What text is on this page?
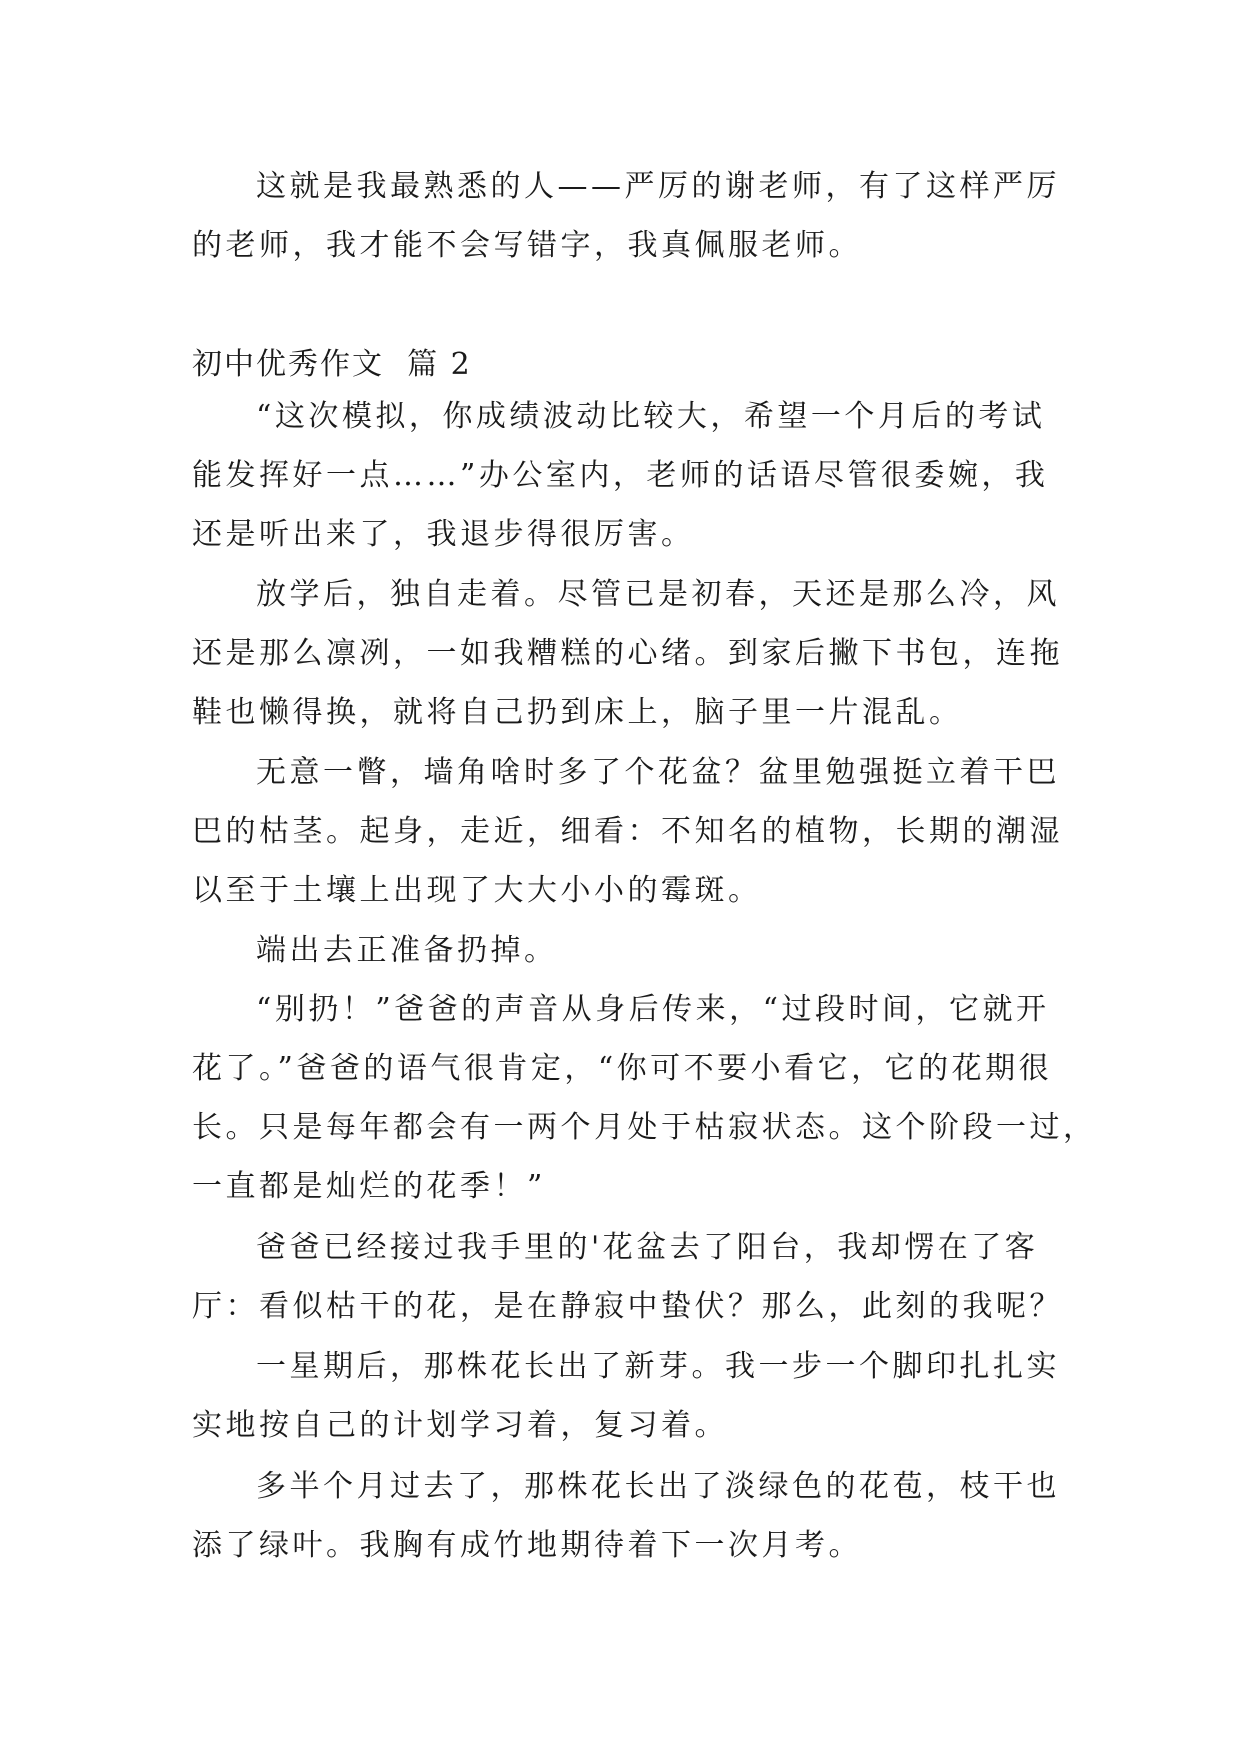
这就是我最熟悉的人——严厉的谢老师，有了这样严厉
的老师，我才能不会写错字，我真佩服老师。

初中优秀作文  篇 2

“这次模拟，你成绩波动比较大，希望一个月后的考试
能发挥好一点……”办公室内，老师的话语尽管很委婉，我
还是听出来了，我退步得很厉害。

放学后，独自走着。尽管已是初春，天还是那么冷，风
还是那么凛冽，一如我糟糕的心绪。到家后撇下书包，连拖
鞋也懒得换，就将自己扔到床上，脑子里一片混乱。

无意一瞥，墙角啥时多了个花盆？盆里勉强挺立着干巴
巴的枯茎。起身，走近，细看：不知名的植物，长期的潮湿
以至于土壤上出现了大大小小的霉斑。

端出去正准备扔掉。

“别扔！”爸爸的声音从身后传来，“过段时间，它就开
花了。”爸爸的语气很肯定，“你可不要小看它，它的花期很
长。只是每年都会有一两个月处于枯寂状态。这个阶段一过，
一直都是灿烂的花季！”

爸爸已经接过我手里的'花盆去了阳台，我却愣在了客
厅：看似枯干的花，是在静寂中蛰伏？那么，此刻的我呢？

一星期后，那株花长出了新芽。我一步一个脚印扎扎实
实地按自己的计划学习着，复习着。

多半个月过去了，那株花长出了淡绿色的花苞，枝干也
添了绿叶。我胸有成竹地期待着下一次月考。
